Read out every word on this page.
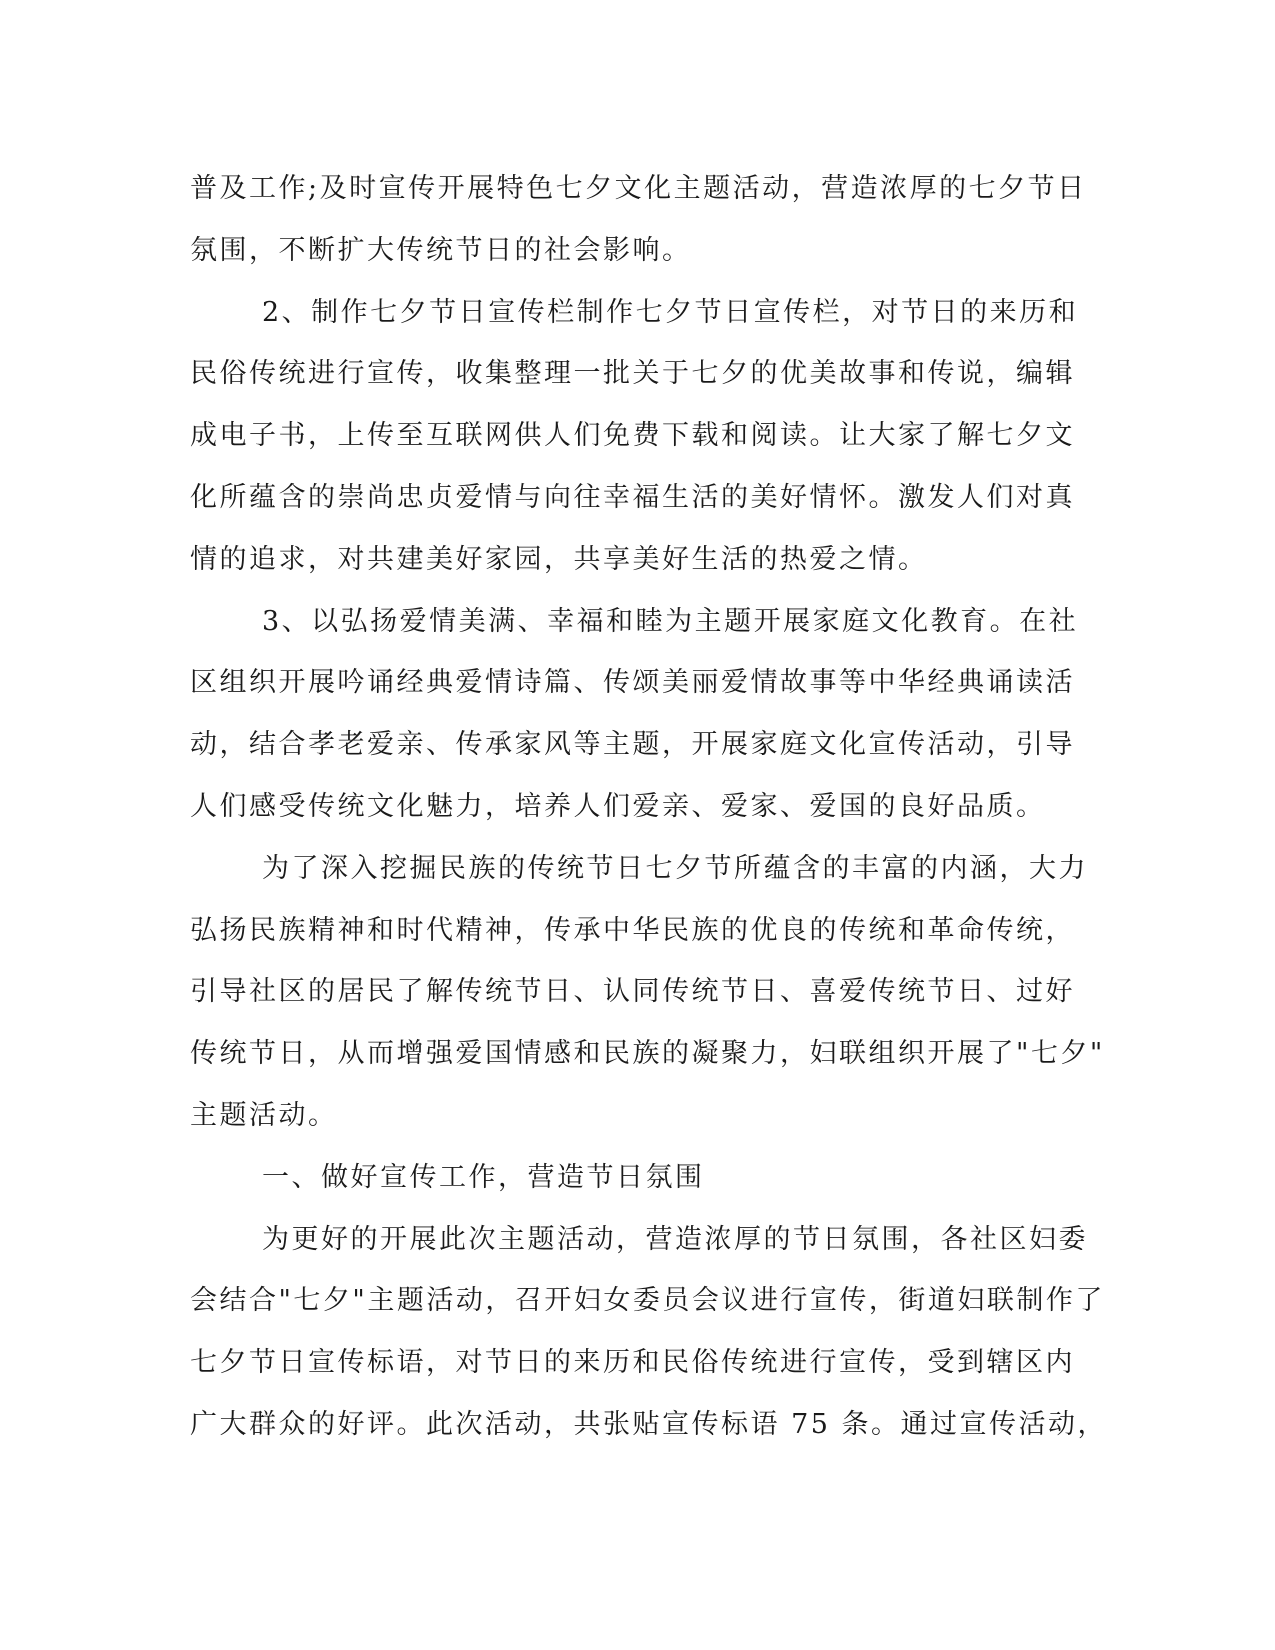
普及工作;及时宣传开展特色七夕文化主题活动，营造浓厚的七夕节日
氛围，不断扩大传统节日的社会影响。
2、制作七夕节日宣传栏制作七夕节日宣传栏，对节日的来历和
民俗传统进行宣传，收集整理一批关于七夕的优美故事和传说，编辑
成电子书，上传至互联网供人们免费下载和阅读。让大家了解七夕文
化所蕴含的崇尚忠贞爱情与向往幸福生活的美好情怀。激发人们对真
情的追求，对共建美好家园，共享美好生活的热爱之情。
3、以弘扬爱情美满、幸福和睦为主题开展家庭文化教育。在社
区组织开展吟诵经典爱情诗篇、传颂美丽爱情故事等中华经典诵读活
动，结合孝老爱亲、传承家风等主题，开展家庭文化宣传活动，引导
人们感受传统文化魅力，培养人们爱亲、爱家、爱国的良好品质。
为了深入挖掘民族的传统节日七夕节所蕴含的丰富的内涵，大力
弘扬民族精神和时代精神，传承中华民族的优良的传统和革命传统，
引导社区的居民了解传统节日、认同传统节日、喜爱传统节日、过好
传统节日，从而增强爱国情感和民族的凝聚力，妇联组织开展了"七夕"
主题活动。
一、做好宣传工作，营造节日氛围
为更好的开展此次主题活动，营造浓厚的节日氛围，各社区妇委
会结合"七夕"主题活动，召开妇女委员会议进行宣传，街道妇联制作了
七夕节日宣传标语，对节日的来历和民俗传统进行宣传，受到辖区内
广大群众的好评。此次活动，共张贴宣传标语 75 条。通过宣传活动，
